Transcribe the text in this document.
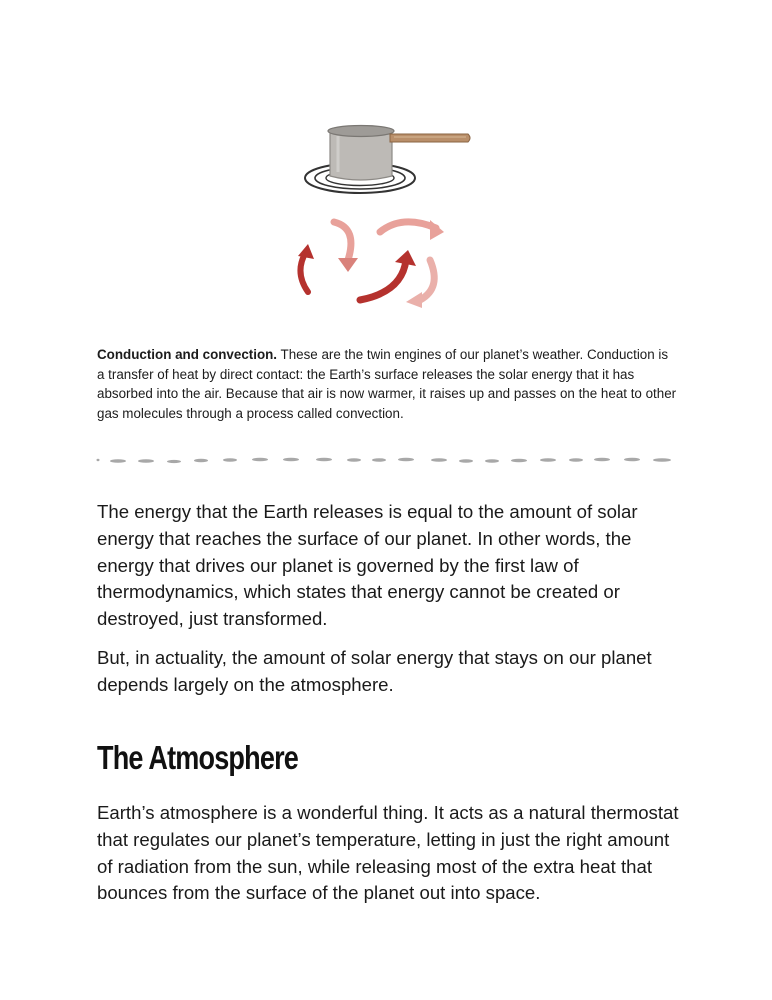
Conduction and convection. These are the twin engines of our planet’s weather. Conduction is a transfer of heat by direct contact: the Earth’s surface releases the solar energy that it has absorbed into the air. Because that air is now warmer, it raises up and passes on the heat to other gas molecules through a process called convection.

The energy that the Earth releases is equal to the amount of solar energy that reaches the surface of our planet. In other words, the energy that drives our planet is governed by the first law of thermodynamics, which states that energy cannot be created or destroyed, just transformed.

But, in actuality, the amount of solar energy that stays on our planet depends largely on the atmosphere.

The Atmosphere

Earth’s atmosphere is a wonderful thing. It acts as a natural thermostat that regulates our planet’s temperature, letting in just the right amount of radiation from the sun, while releasing most of the extra heat that bounces from the surface of the planet out into space.
